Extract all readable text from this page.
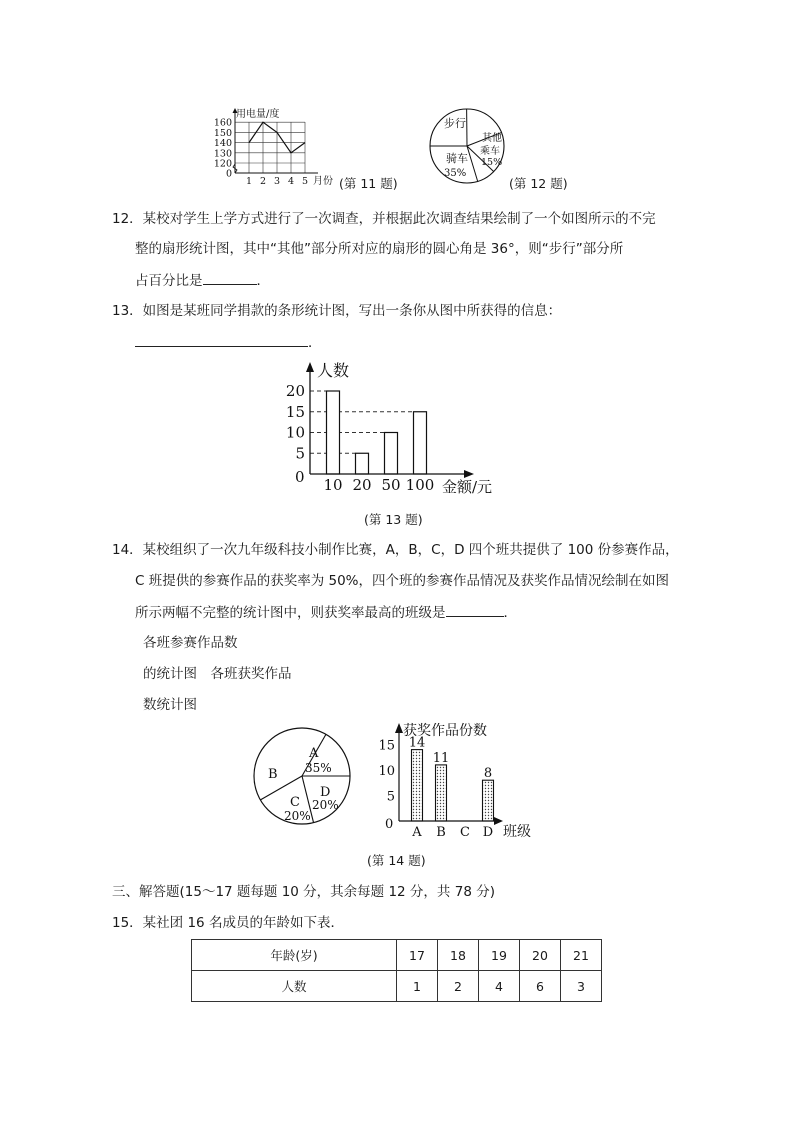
160
150
140
130
120
0
1 2 3 4 5
用电量/度
月份 (第 11 题)
步行
其他
乘车
15%
骑车
35%
(第 12 题)
12．某校对学生上学方式进行了一次调查，并根据此次调查结果绘制了一个如图所示的不完
整的扇形统计图，其中“其他”部分所对应的扇形的圆心角是 36°，则“步行”部分所
占百分比是	．
13．如图是某班同学捐款的条形统计图，写出一条你从图中所获得的信息：
．
5
10
15
20
10 20 50 100
人数
金额/元
0
(第 13 题)
14．某校组织了一次九年级科技小制作比赛，A，B，C，D 四个班共提供了 100 份参赛作品，
C 班提供的参赛作品的获奖率为 50%，四个班的参赛作品情况及获奖作品情况绘制在如图
所示两幅不完整的统计图中，则获奖率最高的班级是	．
各班参赛作品数
的统计图　各班获奖作品
数统计图
A
35%
B
C
20%
D
20%
5
10
15
A B C D
14
11
8
获奖作品份数
班级
0
(第 14 题)
三、解答题(15～17 题每题 10 分，其余每题 12 分，共 78 分)
15．某社团 16 名成员的年龄如下表．
年龄(岁)	17	18	19	20	21
人数	1	2	4	6	3
